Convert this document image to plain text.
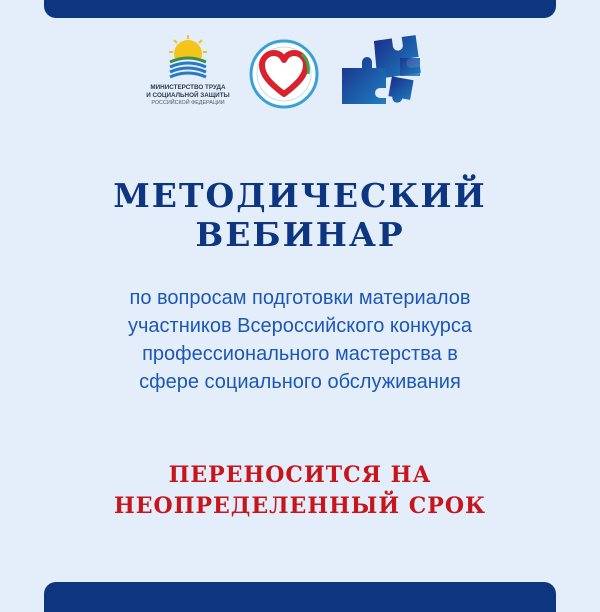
МИНИСТЕРСТВО ТРУДА
И СОЦИАЛЬНОЙ ЗАЩИТЫ
РОССИЙСКОЙ ФЕДЕРАЦИИ
МЕТОДИЧЕСКИЙ
ВЕБИНАР
по вопросам подготовки материалов
участников Всероссийского конкурса
профессионального мастерства в
сфере социального обслуживания
ПЕРЕНОСИТСЯ НА
НЕОПРЕДЕЛЕННЫЙ СРОК
